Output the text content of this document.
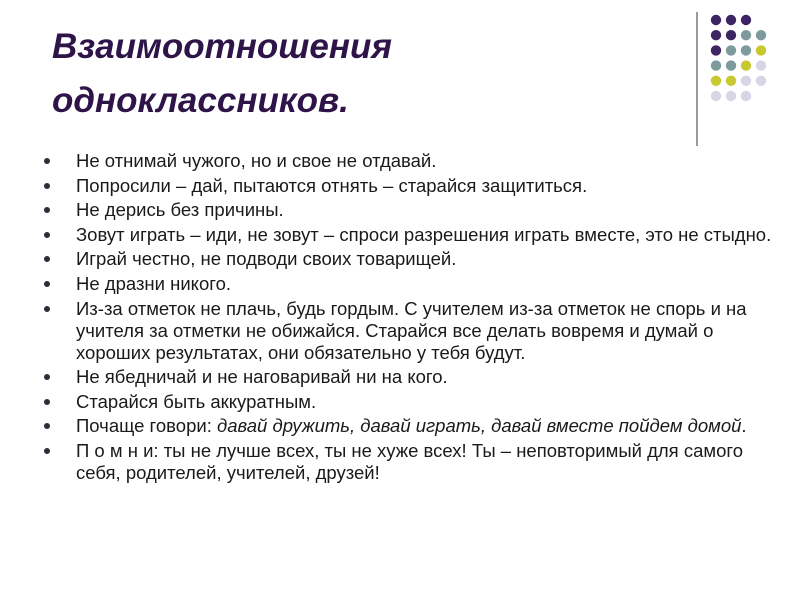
Взаимоотношения
одноклассников.
Не отнимай чужого, но и свое не отдавай.
Попросили – дай, пытаются отнять – старайся защититься.
Не дерись без причины.
Зовут играть – иди, не зовут – спроси разрешения играть вместе, это не стыдно.
Играй честно, не подводи своих товарищей.
Не дразни никого.
Из-за отметок не плачь, будь гордым. С учителем из-за отметок не спорь и на учителя за отметки не обижайся. Старайся все делать вовремя и думай о хороших результатах, они обязательно у тебя будут.
Не ябедничай и не наговаривай ни на кого.
Старайся быть аккуратным.
Почаще говори: давай дружить, давай играть, давай вместе пойдем домой.
П о м н и: ты не лучше всех, ты не хуже всех! Ты – неповторимый для самого себя, родителей, учителей, друзей!
